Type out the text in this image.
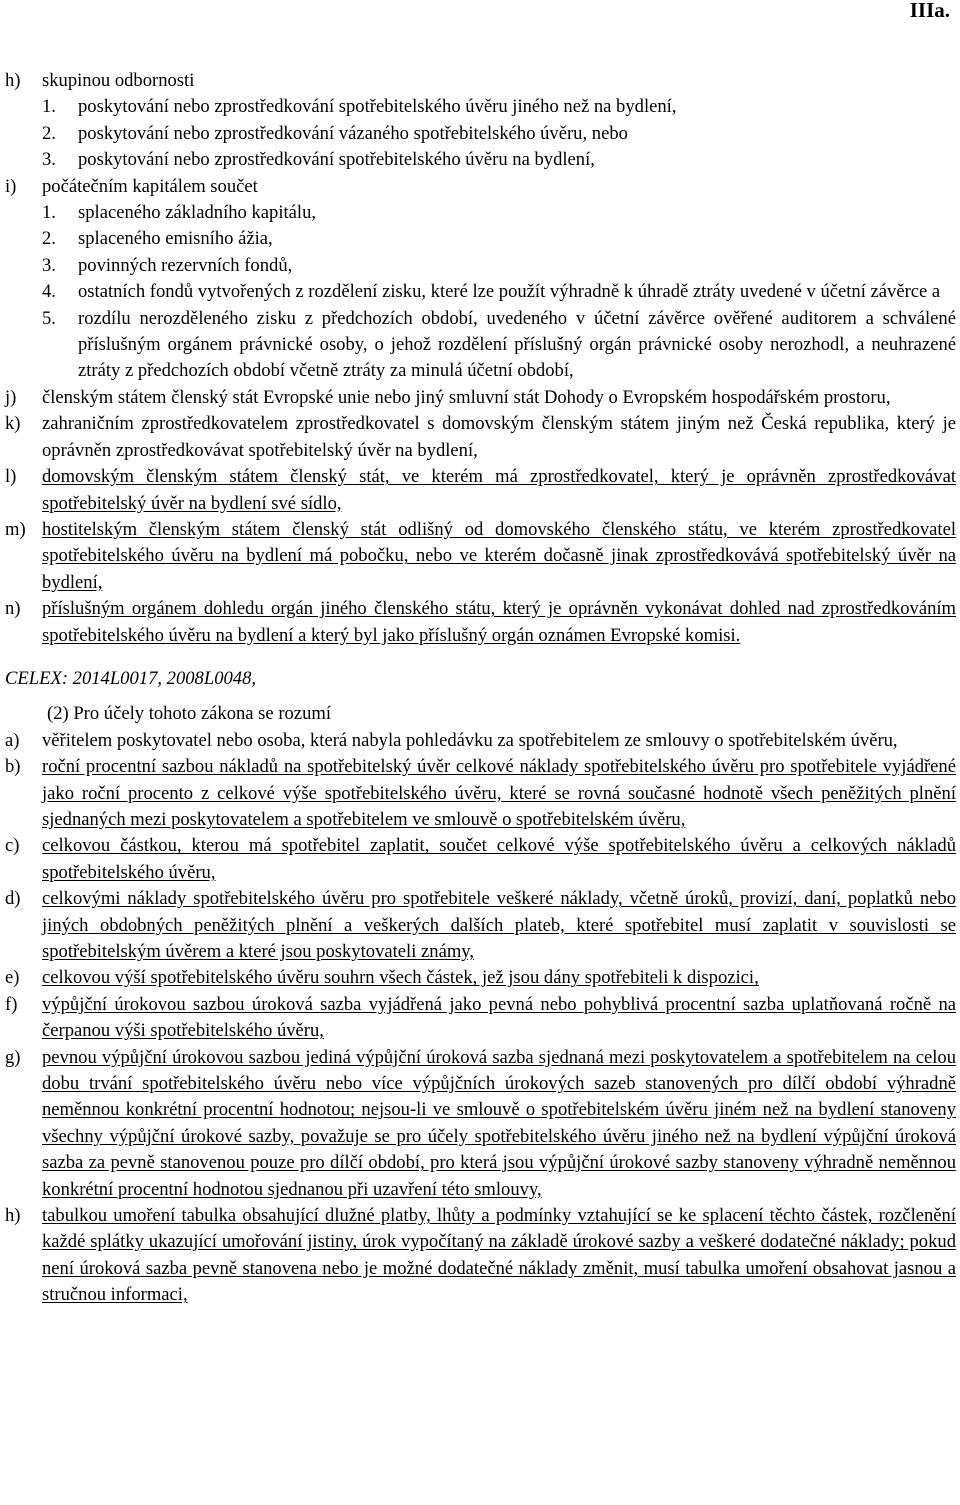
IIIa.
h) skupinou odbornosti
1. poskytování nebo zprostředkování spotřebitelského úvěru jiného než na bydlení,
2. poskytování nebo zprostředkování vázaného spotřebitelského úvěru, nebo
3. poskytování nebo zprostředkování spotřebitelského úvěru na bydlení,
i) počátečním kapitálem součet
1. splaceného základního kapitálu,
2. splaceného emisního ážia,
3. povinných rezervních fondů,
4. ostatních fondů vytvořených z rozdělení zisku, které lze použít výhradně k úhradě ztráty uvedené v účetní závěrce a
5. rozdílu nerozděleného zisku z předchozích období, uvedeného v účetní závěrce ověřené auditorem a schválené příslušným orgánem právnické osoby, o jehož rozdělení příslušný orgán právnické osoby nerozhodl, a neuhrazené ztráty z předchozích období včetně ztráty za minulá účetní období,
j) členským státem členský stát Evropské unie nebo jiný smluvní stát Dohody o Evropském hospodářském prostoru,
k) zahraničním zprostředkovatelem zprostředkovatel s domovským členským státem jiným než Česká republika, který je oprávněn zprostředkovávat spotřebitelský úvěr na bydlení,
l) domovským členským státem členský stát, ve kterém má zprostředkovatel, který je oprávněn zprostředkovávat spotřebitelský úvěr na bydlení své sídlo,
m) hostitelským členským státem členský stát odlišný od domovského členského státu, ve kterém zprostředkovatel spotřebitelského úvěru na bydlení má pobočku, nebo ve kterém dočasně jinak zprostředkovává spotřebitelský úvěr na bydlení,
n) příslušným orgánem dohledu orgán jiného členského státu, který je oprávněn vykonávat dohled nad zprostředkováním spotřebitelského úvěru na bydlení a který byl jako příslušný orgán oznámen Evropské komisi.
CELEX: 2014L0017, 2008L0048,
(2) Pro účely tohoto zákona se rozumí
a) věřitelem poskytovatel nebo osoba, která nabyla pohledávku za spotřebitelem ze smlouvy o spotřebitelském úvěru,
b) roční procentní sazbou nákladů na spotřebitelský úvěr celkové náklady spotřebitelského úvěru pro spotřebitele vyjádřené jako roční procento z celkové výše spotřebitelského úvěru, které se rovná současné hodnotě všech peněžitých plnění sjednaných mezi poskytovatelem a spotřebitelem ve smlouvě o spotřebitelském úvěru,
c) celkovou částkou, kterou má spotřebitel zaplatit, součet celkové výše spotřebitelského úvěru a celkových nákladů spotřebitelského úvěru,
d) celkovými náklady spotřebitelského úvěru pro spotřebitele veškeré náklady, včetně úroků, provizí, daní, poplatků nebo jiných obdobných peněžitých plnění a veškerých dalších plateb, které spotřebitel musí zaplatit v souvislosti se spotřebitelským úvěrem a které jsou poskytovateli známy,
e) celkovou výší spotřebitelského úvěru souhrn všech částek, jež jsou dány spotřebiteli k dispozici,
f) výpůjční úrokovou sazbou úroková sazba vyjádřená jako pevná nebo pohyblivá procentní sazba uplatňovaná ročně na čerpanou výši spotřebitelského úvěru,
g) pevnou výpůjční úrokovou sazbou jediná výpůjční úroková sazba sjednaná mezi poskytovatelem a spotřebitelem na celou dobu trvání spotřebitelského úvěru nebo více výpůjčních úrokových sazeb stanovených pro dílčí období výhradně neměnnou konkrétní procentní hodnotou; nejsou-li ve smlouvě o spotřebitelském úvěru jiném než na bydlení stanoveny všechny výpůjční úrokové sazby, považuje se pro účely spotřebitelského úvěru jiného než na bydlení výpůjční úroková sazba za pevně stanovenou pouze pro dílčí období, pro která jsou výpůjční úrokové sazby stanoveny výhradně neměnnou konkrétní procentní hodnotou sjednanou při uzavření této smlouvy,
h) tabulkou umoření tabulka obsahující dlužné platby, lhůty a podmínky vztahující se ke splacení těchto částek, rozčlenění každé splátky ukazující umořování jistiny, úrok vypočítaný na základě úrokové sazby a veškeré dodatečné náklady; pokud není úroková sazba pevně stanovena nebo je možné dodatečné náklady změnit, musí tabulka umoření obsahovat jasnou a stručnou informaci,
